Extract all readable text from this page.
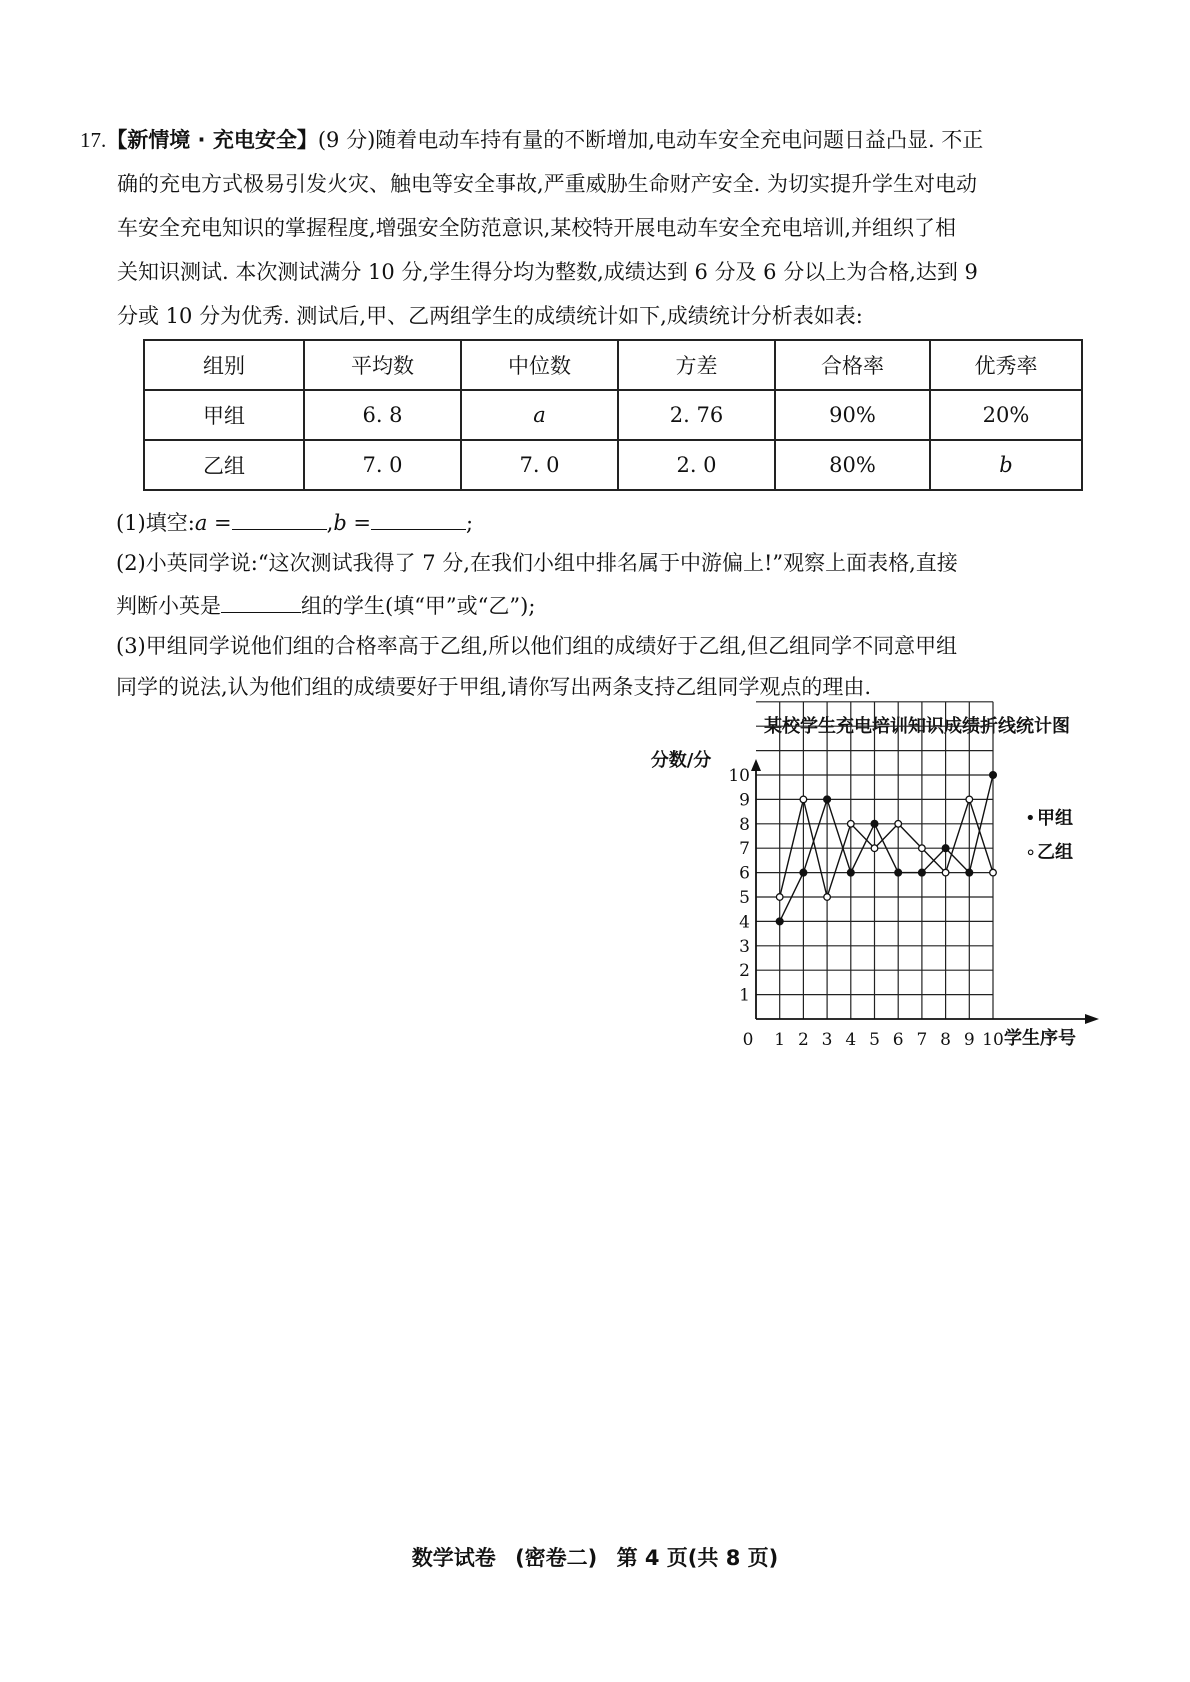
17.【新情境 · 充电安全】(9 分)随着电动车持有量的不断增加,电动车安全充电问题日益凸显. 不正
确的充电方式极易引发火灾、触电等安全事故,严重威胁生命财产安全. 为切实提升学生对电动
车安全充电知识的掌握程度,增强安全防范意识,某校特开展电动车安全充电培训,并组织了相
关知识测试. 本次测试满分 10 分,学生得分均为整数,成绩达到 6 分及 6 分以上为合格,达到 9
分或 10 分为优秀. 测试后,甲、乙两组学生的成绩统计如下,成绩统计分析表如表:
组别	平均数	中位数	方差	合格率	优秀率
甲组	6. 8	a	2. 76	90%	20%
乙组	7. 0	7. 0	2. 0	80%	b
(1)填空:a =	,b =	;
(2)小英同学说:“这次测试我得了 7 分,在我们小组中排名属于中游偏上!”观察上面表格,直接
判断小英是	组的学生(填“甲”或“乙”);
(3)甲组同学说他们组的合格率高于乙组,所以他们组的成绩好于乙组,但乙组同学不同意甲组
同学的说法,认为他们组的成绩要好于甲组,请你写出两条支持乙组同学观点的理由.
某校学生充电培训知识成绩折线统计图
分数/分
学生序号
1
2
3
4
5
6
7
8
9
10
0 1 2 3 4 5 6 7 8 9 10
• 甲组
∘ 乙组
数学试卷 (密卷二) 第 4 页(共 8 页)
